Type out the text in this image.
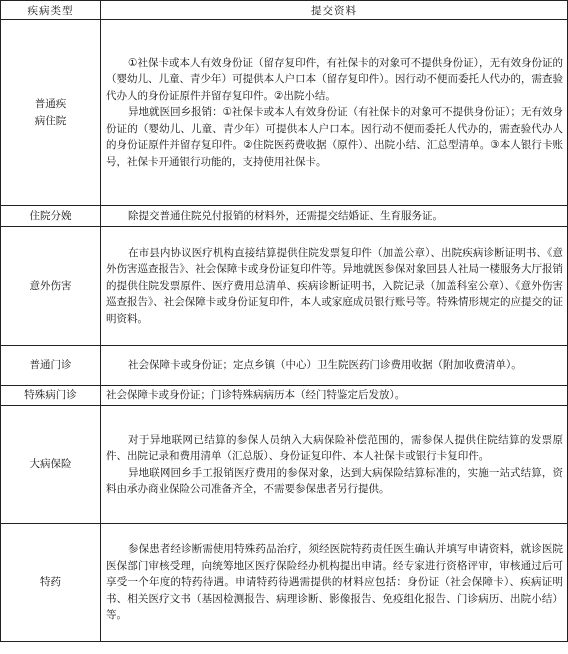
疾病类型	提交资料

普通疾病住院	①社保卡或本人有效身份证（留存复印件，有社保卡的对象可不提供身份证），无有效身份证的（婴幼儿、儿童、青少年）可提供本人户口本（留存复印件）。因行动不便而委托人代办的，需查验代办人的身份证原件并留存复印件。②出院小结。

异地就医回乡报销：①社保卡或本人有效身份证（有社保卡的对象可不提供身份证）；无有效身份证的（婴幼儿、儿童、青少年）可提供本人户口本。因行动不便而委托人代办的，需查验代办人的身份证原件并留存复印件。②住院医药费收据（原件）、出院小结、汇总型清单。③本人银行卡账号，社保卡开通银行功能的，支持使用社保卡。

住院分娩	除提交普通住院兑付报销的材料外，还需提交结婚证、生育服务证。

意外伤害	在市县内协议医疗机构直接结算提供住院发票复印件（加盖公章）、出院疾病诊断证明书、《意外伤害巡查报告》、社会保障卡或身份证复印件等。异地就医参保对象回县人社局一楼服务大厅报销的提供住院发票原件、医疗费用总清单、疾病诊断证明书，入院记录（加盖科室公章）、《意外伤害巡查报告》、社会保障卡或身份证复印件，本人或家庭成员银行账号等。特殊情形规定的应提交的证明资料。

普通门诊	社会保障卡或身份证；定点乡镇（中心）卫生院医药门诊费用收据（附加收费清单）。

特殊病门诊	社会保障卡或身份证；门诊特殊病病历本（经门特鉴定后发放）。

大病保险	对于异地联网已结算的参保人员纳入大病保险补偿范围的，需参保人提供住院结算的发票原件、出院记录和费用清单（汇总版）、身份证复印件、本人社保卡或银行卡复印件。

异地联网回乡手工报销医疗费用的参保对象，达到大病保险结算标准的，实施一站式结算，资料由承办商业保险公司准备齐全，不需要参保患者另行提供。

特药	参保患者经诊断需使用特殊药品治疗，须经医院特药责任医生确认并填写申请资料，就诊医院医保部门审核受理，向统筹地区医疗保险经办机构提出申请。经专家进行资格评审，审核通过后可享受一个年度的特药待遇。申请特药待遇需提供的材料应包括：身份证（社会保障卡）、疾病证明书、相关医疗文书（基因检测报告、病理诊断、影像报告、免疫组化报告、门诊病历、出院小结）等。
